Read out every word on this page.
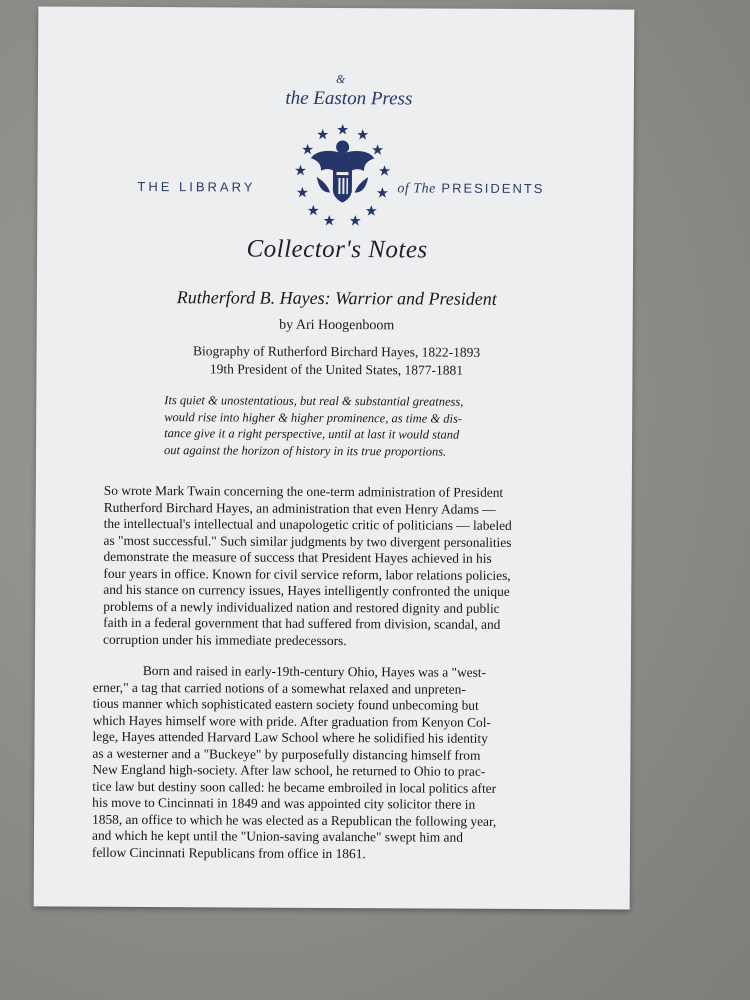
&
the Easton Press
THE LIBRARY	of The PRESIDENTS
Collector's Notes
Rutherford B. Hayes: Warrior and President
by Ari Hoogenboom
Biography of Rutherford Birchard Hayes, 1822-1893
19th President of the United States, 1877-1881
Its quiet & unostentatious, but real & substantial greatness,
would rise into higher & higher prominence, as time & dis-
tance give it a right perspective, until at last it would stand
out against the horizon of history in its true proportions.
So wrote Mark Twain concerning the one-term administration of President
Rutherford Birchard Hayes, an administration that even Henry Adams —
the intellectual's intellectual and unapologetic critic of politicians — labeled
as "most successful." Such similar judgments by two divergent personalities
demonstrate the measure of success that President Hayes achieved in his
four years in office. Known for civil service reform, labor relations policies,
and his stance on currency issues, Hayes intelligently confronted the unique
problems of a newly individualized nation and restored dignity and public
faith in a federal government that had suffered from division, scandal, and
corruption under his immediate predecessors.
Born and raised in early-19th-century Ohio, Hayes was a "west-
erner," a tag that carried notions of a somewhat relaxed and unpreten-
tious manner which sophisticated eastern society found unbecoming but
which Hayes himself wore with pride. After graduation from Kenyon Col-
lege, Hayes attended Harvard Law School where he solidified his identity
as a westerner and a "Buckeye" by purposefully distancing himself from
New England high-society. After law school, he returned to Ohio to prac-
tice law but destiny soon called: he became embroiled in local politics after
his move to Cincinnati in 1849 and was appointed city solicitor there in
1858, an office to which he was elected as a Republican the following year,
and which he kept until the "Union-saving avalanche" swept him and
fellow Cincinnati Republicans from office in 1861.
